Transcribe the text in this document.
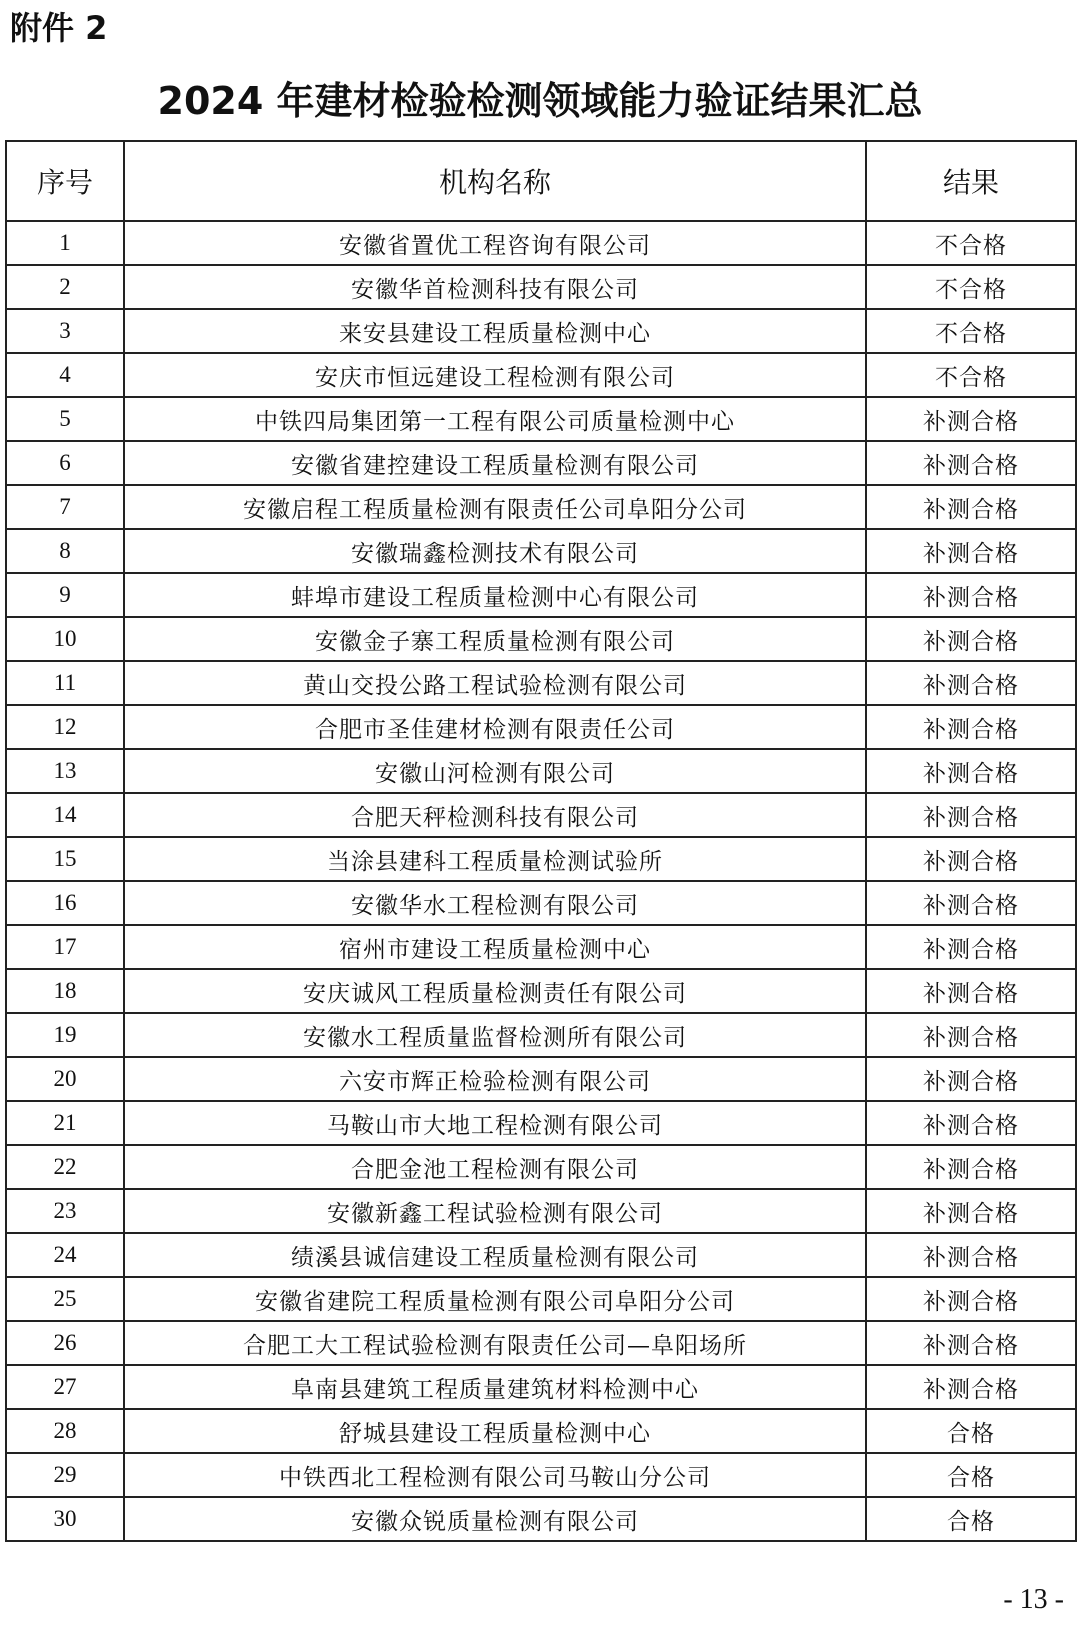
附件 2
2024 年建材检验检测领域能力验证结果汇总
序号	机构名称	结果
1	安徽省置优工程咨询有限公司	不合格
2	安徽华首检测科技有限公司	不合格
3	来安县建设工程质量检测中心	不合格
4	安庆市恒远建设工程检测有限公司	不合格
5	中铁四局集团第一工程有限公司质量检测中心	补测合格
6	安徽省建控建设工程质量检测有限公司	补测合格
7	安徽启程工程质量检测有限责任公司阜阳分公司	补测合格
8	安徽瑞鑫检测技术有限公司	补测合格
9	蚌埠市建设工程质量检测中心有限公司	补测合格
10	安徽金子寨工程质量检测有限公司	补测合格
11	黄山交投公路工程试验检测有限公司	补测合格
12	合肥市圣佳建材检测有限责任公司	补测合格
13	安徽山河检测有限公司	补测合格
14	合肥天秤检测科技有限公司	补测合格
15	当涂县建科工程质量检测试验所	补测合格
16	安徽华水工程检测有限公司	补测合格
17	宿州市建设工程质量检测中心	补测合格
18	安庆诚风工程质量检测责任有限公司	补测合格
19	安徽水工程质量监督检测所有限公司	补测合格
20	六安市辉正检验检测有限公司	补测合格
21	马鞍山市大地工程检测有限公司	补测合格
22	合肥金池工程检测有限公司	补测合格
23	安徽新鑫工程试验检测有限公司	补测合格
24	绩溪县诚信建设工程质量检测有限公司	补测合格
25	安徽省建院工程质量检测有限公司阜阳分公司	补测合格
26	合肥工大工程试验检测有限责任公司—阜阳场所	补测合格
27	阜南县建筑工程质量建筑材料检测中心	补测合格
28	舒城县建设工程质量检测中心	合格
29	中铁西北工程检测有限公司马鞍山分公司	合格
30	安徽众锐质量检测有限公司	合格
- 13 -
